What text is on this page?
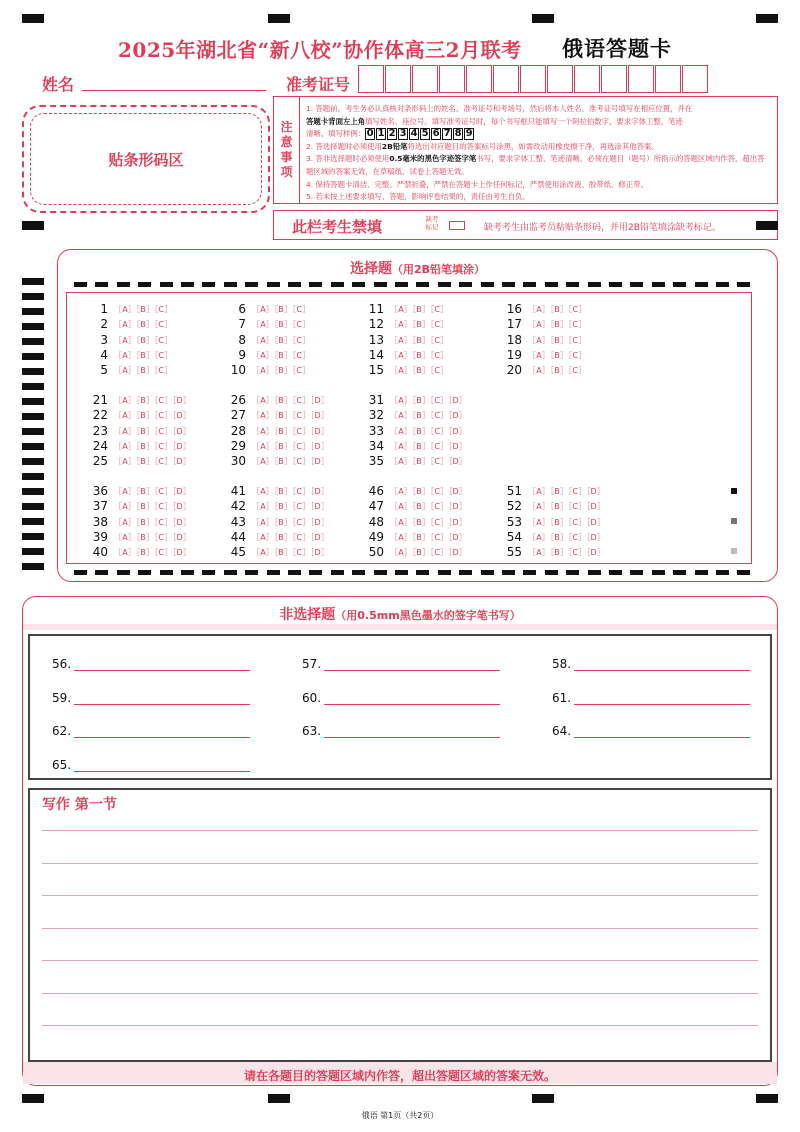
2025年湖北省“新八校”协作体高三2月联考 俄语答题卡
姓名	准考证号
贴条形码区
注
意
事
项
1. 答题前，考生务必认真核对条形码上的姓名、准考证号和考场号，然后将本人姓名、准考证号填写在相应位置，并在
答题卡背面左上角填写姓名、座位号。填写准考证号时，每个书写框只能填写一个阿拉伯数字，要求字体工整，笔迹
清晰。填写样例： 0 1 2 3 4 5 6 7 8 9
2. 答选择题时必须使用2B铅笔将选出对应题目的答案标号涂黑，如需改动用橡皮擦干净，再选涂其他答案。
3. 答非选择题时必须使用0.5毫米的黑色字迹签字笔书写，要求字体工整、笔迹清晰。必须在题目（题号）所指示的答题区域内作答，超出答题区域的答案无效，在草稿纸、试卷上答题无效。
4. 保持答题卡清洁、完整。严禁折叠，严禁在答题卡上作任何标记，严禁使用涂改液、胶带纸、修正带。
5. 若未按上述要求填写、答题，影响评卷结果的，责任由考生自负。
此栏考生禁填	缺考标记	缺考考生由监考员粘贴条形码，并用2B铅笔填涂缺考标记。
选择题（用2B铅笔填涂）
1 ［A］［B］［C］
2 ［A］［B］［C］
3 ［A］［B］［C］
4 ［A］［B］［C］
5 ［A］［B］［C］
6 ［A］［B］［C］
7 ［A］［B］［C］
8 ［A］［B］［C］
9 ［A］［B］［C］
10 ［A］［B］［C］
11 ［A］［B］［C］
12 ［A］［B］［C］
13 ［A］［B］［C］
14 ［A］［B］［C］
15 ［A］［B］［C］
16 ［A］［B］［C］
17 ［A］［B］［C］
18 ［A］［B］［C］
19 ［A］［B］［C］
20 ［A］［B］［C］
21 ［A］［B］［C］［D］
22 ［A］［B］［C］［D］
23 ［A］［B］［C］［D］
24 ［A］［B］［C］［D］
25 ［A］［B］［C］［D］
26 ［A］［B］［C］［D］
27 ［A］［B］［C］［D］
28 ［A］［B］［C］［D］
29 ［A］［B］［C］［D］
30 ［A］［B］［C］［D］
31 ［A］［B］［C］［D］
32 ［A］［B］［C］［D］
33 ［A］［B］［C］［D］
34 ［A］［B］［C］［D］
35 ［A］［B］［C］［D］
36 ［A］［B］［C］［D］
37 ［A］［B］［C］［D］
38 ［A］［B］［C］［D］
39 ［A］［B］［C］［D］
40 ［A］［B］［C］［D］
41 ［A］［B］［C］［D］
42 ［A］［B］［C］［D］
43 ［A］［B］［C］［D］
44 ［A］［B］［C］［D］
45 ［A］［B］［C］［D］
46 ［A］［B］［C］［D］
47 ［A］［B］［C］［D］
48 ［A］［B］［C］［D］
49 ［A］［B］［C］［D］
50 ［A］［B］［C］［D］
51 ［A］［B］［C］［D］
52 ［A］［B］［C］［D］
53 ［A］［B］［C］［D］
54 ［A］［B］［C］［D］
55 ［A］［B］［C］［D］
非选择题（用0.5mm黑色墨水的签字笔书写）
56.	57.	58.
59.	60.	61.
62.	63.	64.
65.
写作 第一节
请在各题目的答题区域内作答，超出答题区域的答案无效。
俄语 第1页（共2页）
